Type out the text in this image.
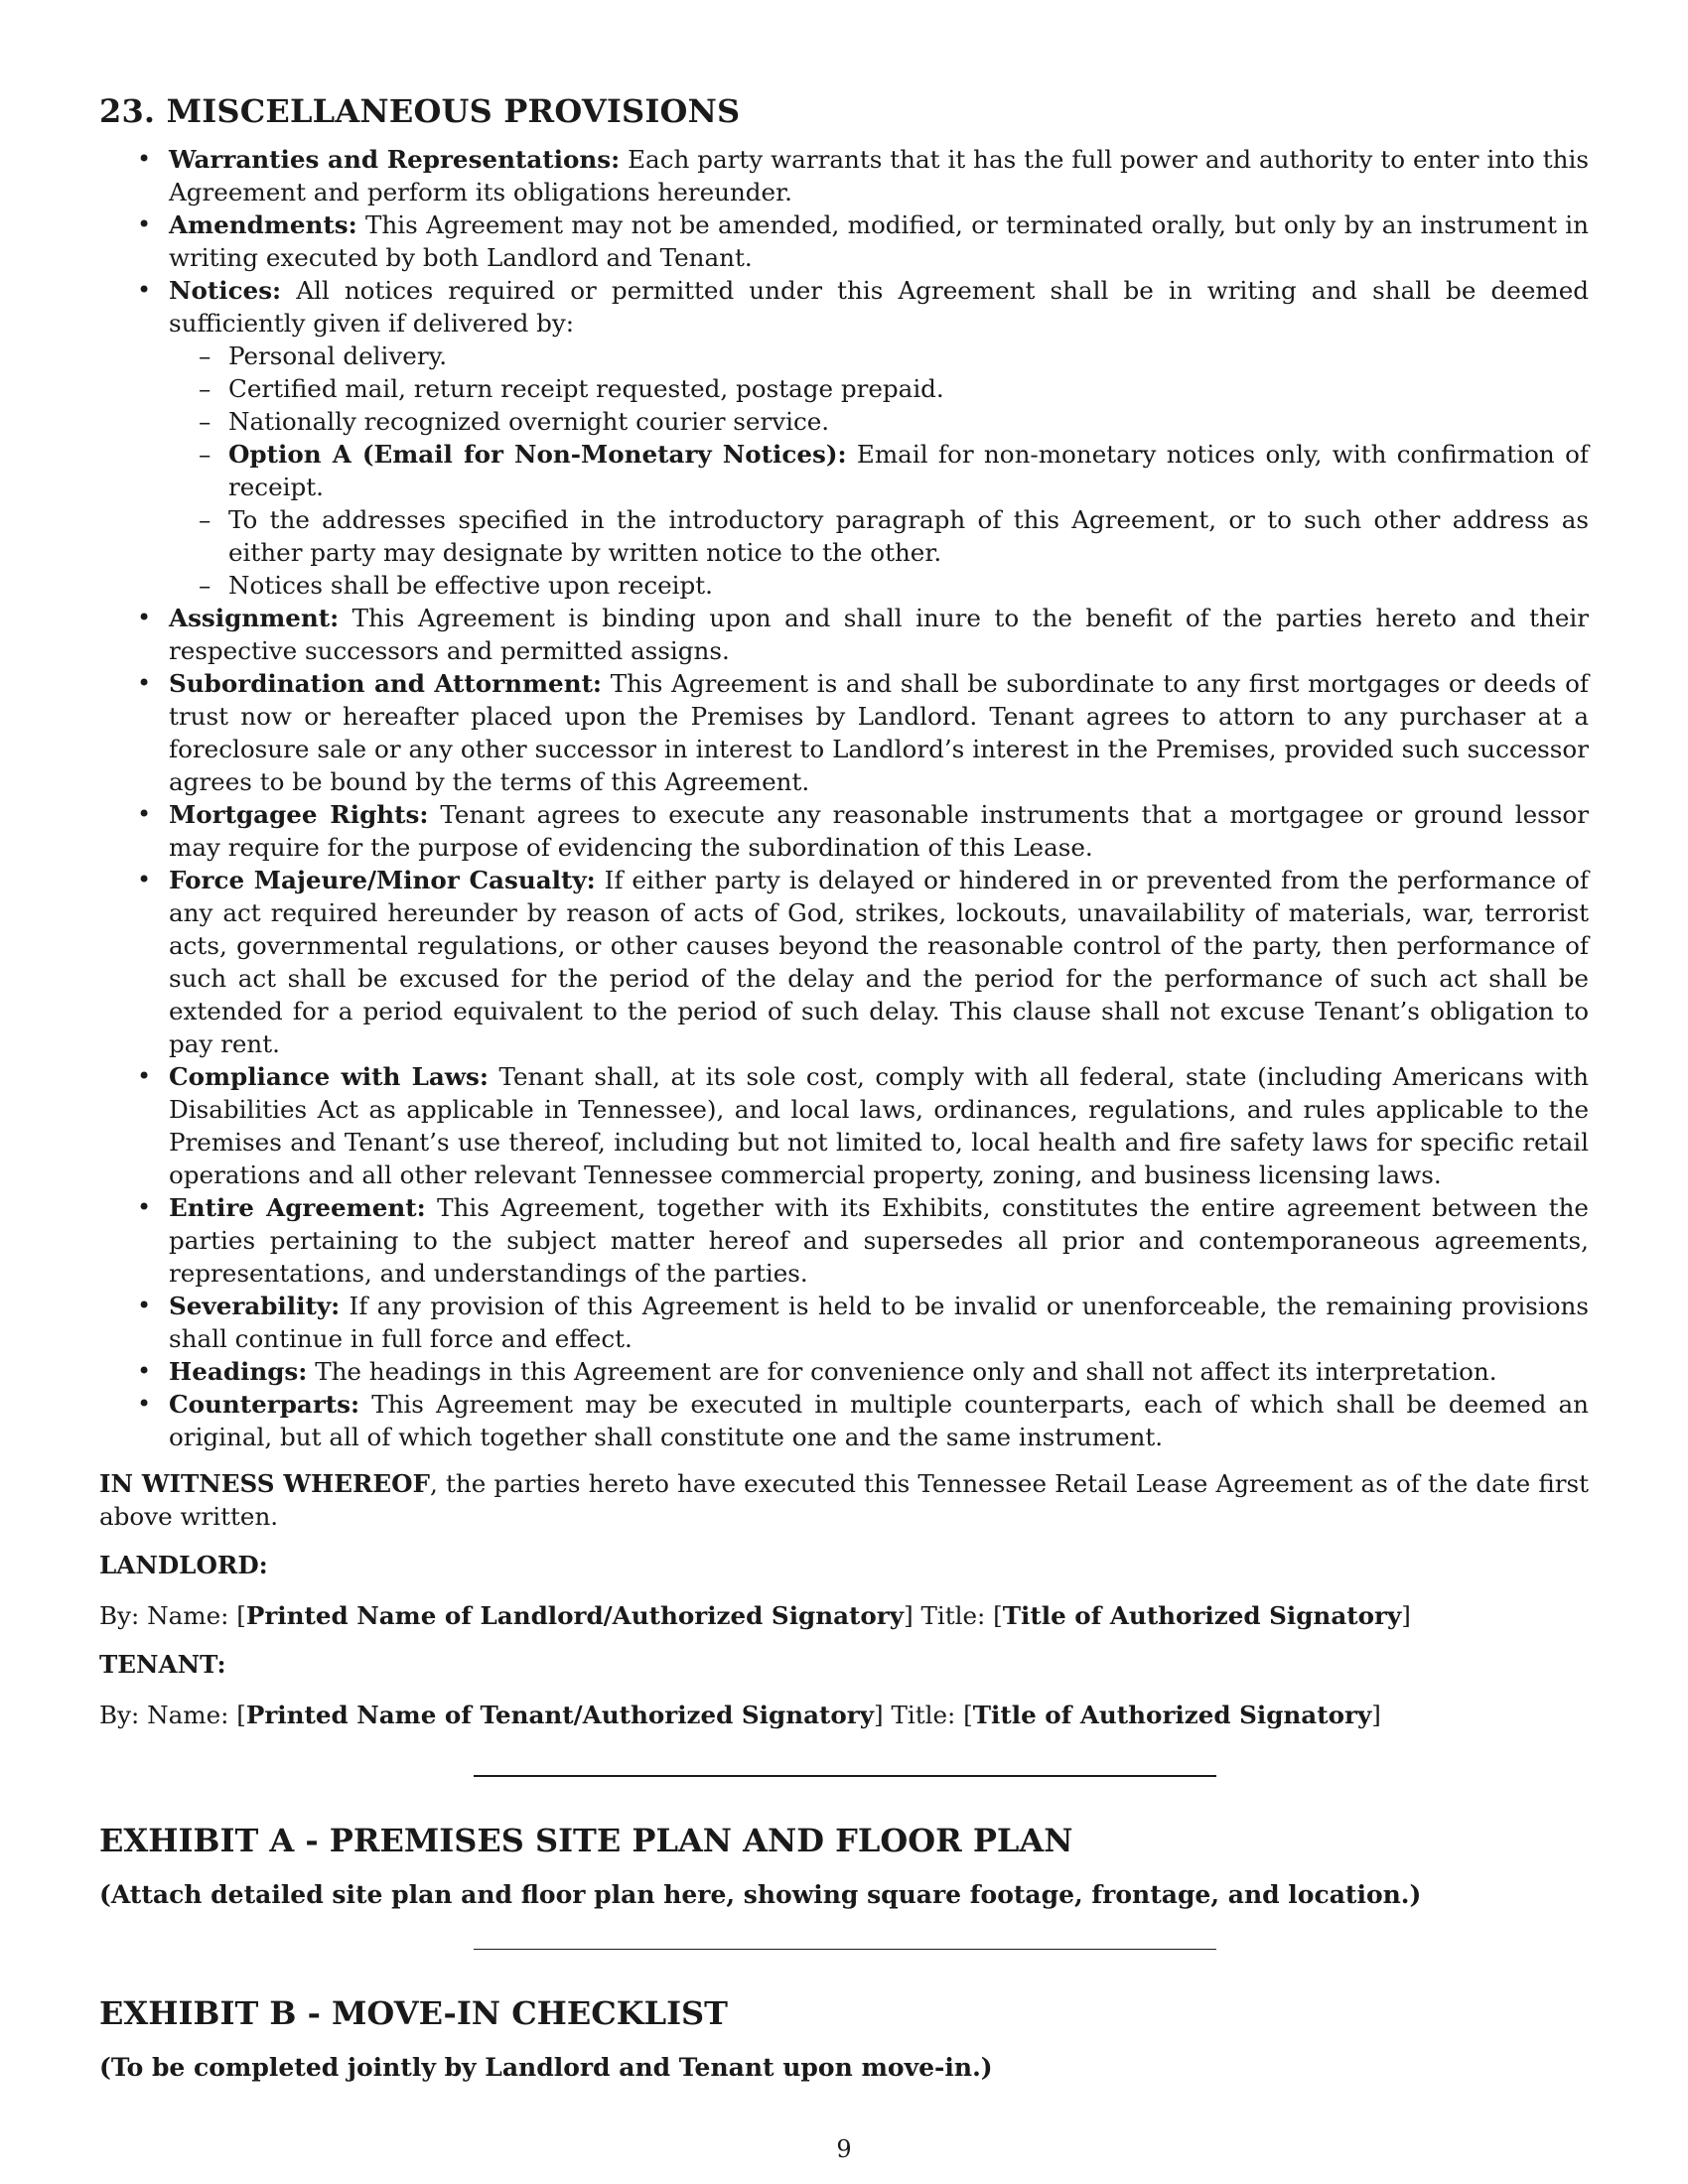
23. MISCELLANEOUS PROVISIONS
• Warranties and Representations: Each party warrants that it has the full power and authority to enter into this Agreement and perform its obligations hereunder.
• Amendments: This Agreement may not be amended, modified, or terminated orally, but only by an instrument in writing executed by both Landlord and Tenant.
• Notices: All notices required or permitted under this Agreement shall be in writing and shall be deemed sufficiently given if delivered by:
– Personal delivery.
– Certified mail, return receipt requested, postage prepaid.
– Nationally recognized overnight courier service.
– Option A (Email for Non-Monetary Notices): Email for non-monetary notices only, with confirmation of receipt.
– To the addresses specified in the introductory paragraph of this Agreement, or to such other address as either party may designate by written notice to the other.
– Notices shall be effective upon receipt.
• Assignment: This Agreement is binding upon and shall inure to the benefit of the parties hereto and their respective successors and permitted assigns.
• Subordination and Attornment: This Agreement is and shall be subordinate to any first mortgages or deeds of trust now or hereafter placed upon the Premises by Landlord. Tenant agrees to attorn to any purchaser at a foreclosure sale or any other successor in interest to Landlord’s interest in the Premises, provided such successor agrees to be bound by the terms of this Agreement.
• Mortgagee Rights: Tenant agrees to execute any reasonable instruments that a mortgagee or ground lessor may require for the purpose of evidencing the subordination of this Lease.
• Force Majeure/Minor Casualty: If either party is delayed or hindered in or prevented from the performance of any act required hereunder by reason of acts of God, strikes, lockouts, unavailability of materials, war, terrorist acts, governmental regulations, or other causes beyond the reasonable control of the party, then performance of such act shall be excused for the period of the delay and the period for the performance of such act shall be extended for a period equivalent to the period of such delay. This clause shall not excuse Tenant’s obligation to pay rent.
• Compliance with Laws: Tenant shall, at its sole cost, comply with all federal, state (including Americans with Disabilities Act as applicable in Tennessee), and local laws, ordinances, regulations, and rules applicable to the Premises and Tenant’s use thereof, including but not limited to, local health and fire safety laws for specific retail operations and all other relevant Tennessee commercial property, zoning, and business licensing laws.
• Entire Agreement: This Agreement, together with its Exhibits, constitutes the entire agreement between the parties pertaining to the subject matter hereof and supersedes all prior and contemporaneous agreements, representations, and understandings of the parties.
• Severability: If any provision of this Agreement is held to be invalid or unenforceable, the remaining provisions shall continue in full force and effect.
• Headings: The headings in this Agreement are for convenience only and shall not affect its interpretation.
• Counterparts: This Agreement may be executed in multiple counterparts, each of which shall be deemed an original, but all of which together shall constitute one and the same instrument.

IN WITNESS WHEREOF, the parties hereto have executed this Tennessee Retail Lease Agreement as of the date first above written.

LANDLORD:
By: Name: [Printed Name of Landlord/Authorized Signatory] Title: [Title of Authorized Signatory]
TENANT:
By: Name: [Printed Name of Tenant/Authorized Signatory] Title: [Title of Authorized Signatory]
EXHIBIT A - PREMISES SITE PLAN AND FLOOR PLAN
(Attach detailed site plan and floor plan here, showing square footage, frontage, and location.)
EXHIBIT B - MOVE-IN CHECKLIST
(To be completed jointly by Landlord and Tenant upon move-in.)
9
